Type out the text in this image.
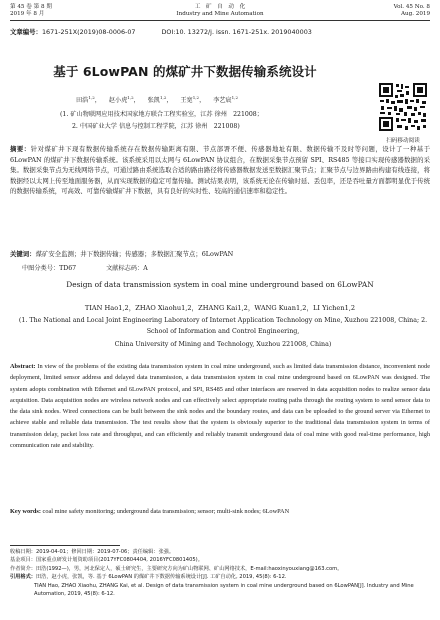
第 45 卷 第 8 期
2019 年 8 月
工　矿　自　动　化
Industry and Mine Automation
Vol. 45 No. 8
Aug. 2019
文章编号：1671-251X(2019)08-0006-07	DOI:10. 13272/j. issn. 1671-251x. 2019040003
基于 6LowPAN 的煤矿井下数据传输系统设计
田浩$^{1,2}$， 赵小虎$^{1,2}$， 张凯$^{1,2}$， 王宽$^{1,2}$， 李艺宸$^{1,2}$
(1. 矿山物联网应用技术国家地方联合工程实验室，江苏 徐州　221008；
2. 中国矿业大学 信息与控制工程学院，江苏 徐州　221008)
扫码移动阅读
摘要：针对煤矿井下现有数据传输系统存在数据传输距离有限、节点部署不便、传感器地址有限、数据传输不及时等问题，设计了一种基于 6LowPAN 的煤矿井下数据传输系统。该系统采用以太网与 6LowPAN 协议组合，在数据采集节点预留 SPI、RS485 等接口实现传感器数据的采集。数据采集节点为无线网络节点，可通过路由系统选取合适的路由路径将传感器数据发送至数据汇聚节点；汇聚节点与边界路由构建有线连接，将数据经以太网上传至地面服务器，从而实现数据的稳定可靠传输。测试结果表明，该系统无论在传输时延、丢包率，还是吞吐量方面都明显优于传统的数据传输系统，可高效、可靠传输煤矿井下数据，具有良好的实时性、较高的通信速率和稳定性。
关键词：煤矿安全监测；井下数据传输；传感器；多数据汇聚节点；6LowPAN
中图分类号：TD67	文献标志码：A
Design of data transmission system in coal mine underground based on 6LowPAN
TIAN Hao1,2，ZHAO Xiaohu1,2，ZHANG Kai1,2，WANG Kuan1,2，LI Yichen1,2
(1. The National and Local Joint Engineering Laboratory of Internet Application Technology on Mine, Xuzhou 221008, China; 2. School of Information and Control Engineering,
China University of Mining and Technology, Xuzhou 221008, China)
Abstract: In view of the problems of the existing data transmission system in coal mine underground, such as limited data transmission distance, inconvenient node deployment, limited sensor address and delayed data transmission, a data transmission system in coal mine underground based on 6LowPAN was designed. The system adopts combination with Ethernet and 6LowPAN protocol, and SPI, RS485 and other interfaces are reserved in data acquisition nodes to realize sensor data acquisition. Data acquisition nodes are wireless network nodes and can effectively select appropriate routing paths through the routing system to send sensor data to the data sink nodes. Wired connections can be built between the sink nodes and the boundary routes, and data can be uploaded to the ground server via Ethernet to achieve stable and reliable data transmission. The test results show that the system is obviously superior to the traditional data transmission system in terms of transmission delay, packet loss rate and throughput, and can efficiently and reliably transmit underground data of coal mine with good real-time performance, high communication rate and stability.
Key words: coal mine safety monitoring; underground data transmission; sensor; multi-sink nodes; 6LowPAN
收稿日期：2019-04-01；修回日期：2019-07-06；责任编辑：张强。
基金项目：国家重点研发计划资助项目(2017YFC0804404, 2016YFC0801405)。
作者简介：田浩(1992—)，男，河北保定人，硕士研究生，主要研究方向为矿山物联网、矿山网络技术，E-mail:haoxinyouxiang@163.com。
引用格式：田浩，赵小虎，张凯，等. 基于 6LowPAN 的煤矿井下数据传输系统设计[J]. 工矿自动化, 2019, 45(8): 6-12.
TIAN Hao, ZHAO Xiaohu, ZHANG Kai, et al. Design of data transmission system in coal mine underground based on 6LowPAN[J]. Industry and Mine Automation, 2019, 45(8): 6-12.
